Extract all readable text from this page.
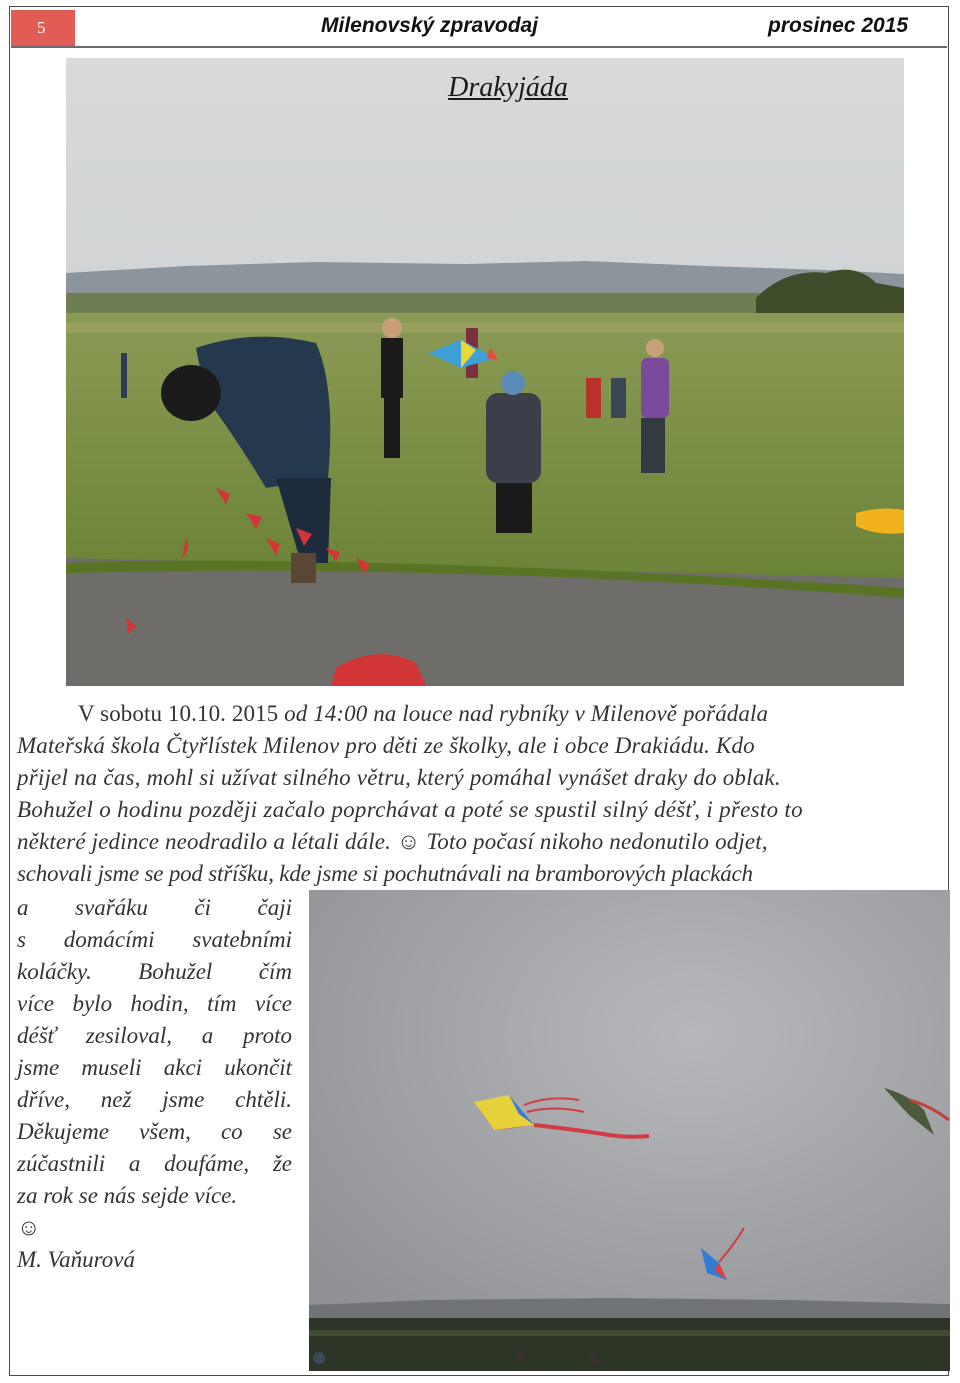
5	Milenovský zpravodaj	prosinec 2015
Drakyjáda
V sobotu 10.10. 2015 od 14:00 na louce nad rybníky v Milenově pořádala
Mateřská škola Čtyřlístek Milenov pro děti ze školky, ale i obce Drakiádu. Kdo
přijel na čas, mohl si užívat silného větru, který pomáhal vynášet draky do oblak.
Bohužel o hodinu později začalo poprchávat a poté se spustil silný déšť, i přesto to
některé jedince neodradilo a létali dále. ☺ Toto počasí nikoho nedonutilo odjet,
schovali jsme se pod stříšku, kde jsme si pochutnávali na bramborových plackách
a svařáku či čaji
s domácími svatebními
koláčky. Bohužel čím
více bylo hodin, tím více
déšť zesiloval, a proto
jsme museli akci ukončit
dříve, než jsme chtěli.
Děkujeme všem, co se
zúčastnili a doufáme, že
za rok se nás sejde více.
☺
M. Vaňurová
